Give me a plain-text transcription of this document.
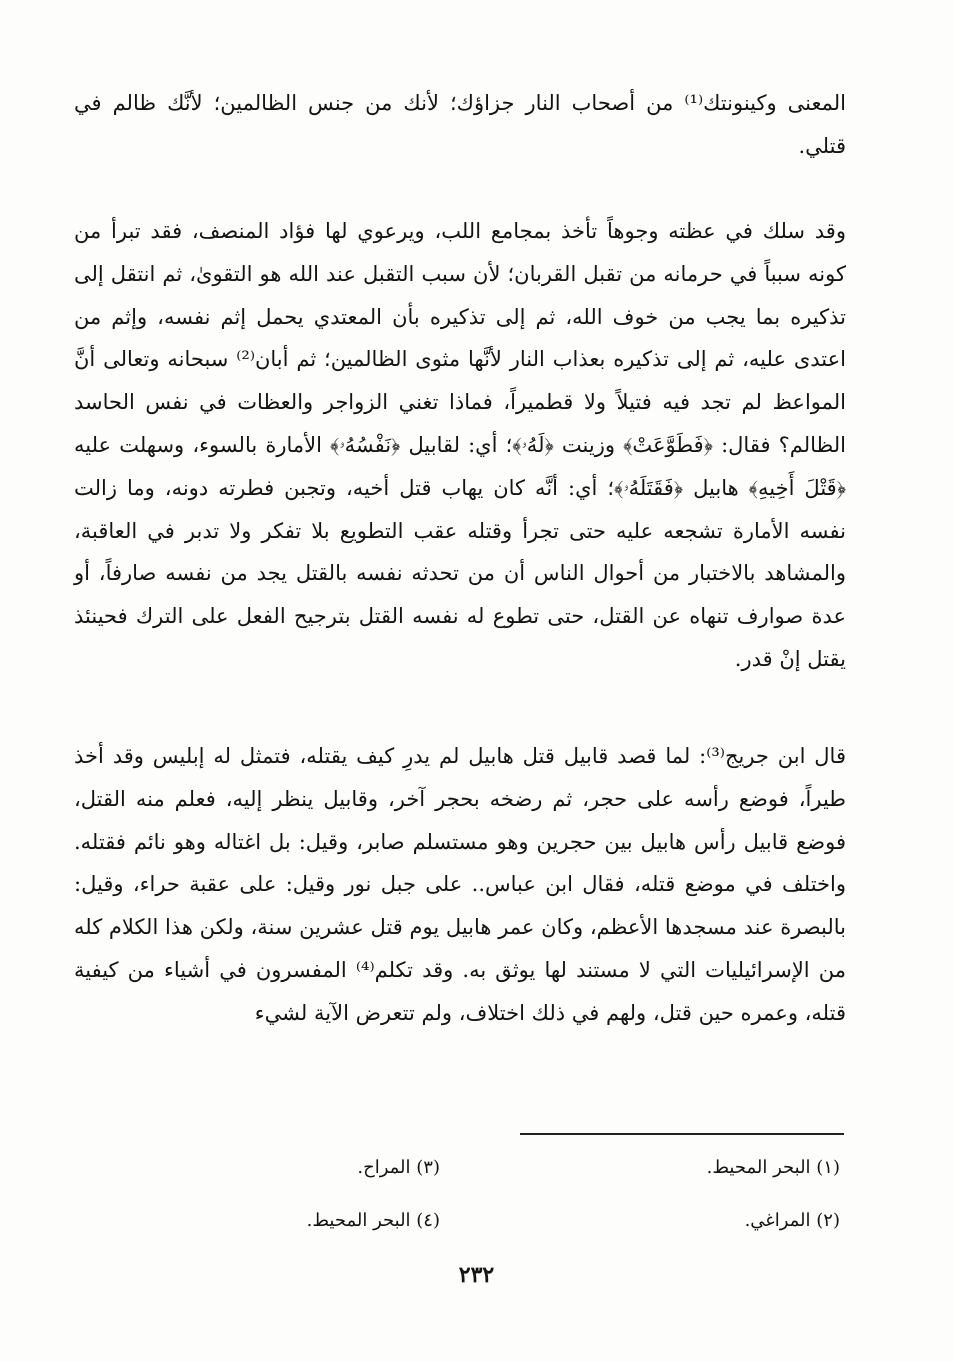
المعنى وكينونتك⁽¹⁾ من أصحاب النار جزاؤك؛ لأنك من جنس الظالمين؛ لأنَّك ظالم في قتلي.

وقد سلك في عظته وجوهاً تأخذ بمجامع اللب، ويرعوي لها فؤاد المنصف، فقد تبرأ من كونه سبباً في حرمانه من تقبل القربان؛ لأن سبب التقبل عند الله هو التقوىٰ، ثم انتقل إلى تذكيره بما يجب من خوف الله، ثم إلى تذكيره بأن المعتدي يحمل إثم نفسه، وإثم من اعتدى عليه، ثم إلى تذكيره بعذاب النار لأنَّها مثوى الظالمين؛ ثم أبان⁽²⁾ سبحانه وتعالى أنَّ المواعظ لم تجد فيه فتيلاً ولا قطميراً، فماذا تغني الزواجر والعظات في نفس الحاسد الظالم؟ فقال: ﴿فَطَوَّعَتْ﴾ وزينت ﴿لَهُۥ﴾؛ أي: لقابيل ﴿نَفْسُهُۥ﴾ الأمارة بالسوء، وسهلت عليه ﴿قَتْلَ أَخِيهِ﴾ هابيل ﴿فَقَتَلَهُۥ﴾؛ أي: أنَّه كان يهاب قتل أخيه، وتجبن فطرته دونه، وما زالت نفسه الأمارة تشجعه عليه حتى تجرأ وقتله عقب التطويع بلا تفكر ولا تدبر في العاقبة، والمشاهد بالاختبار من أحوال الناس أن من تحدثه نفسه بالقتل يجد من نفسه صارفاً، أو عدة صوارف تنهاه عن القتل، حتى تطوع له نفسه القتل بترجيح الفعل على الترك فحينئذ يقتل إنْ قدر.

قال ابن جريج⁽³⁾: لما قصد قابيل قتل هابيل لم يدرِ كيف يقتله، فتمثل له إبليس وقد أخذ طيراً، فوضع رأسه على حجر، ثم رضخه بحجر آخر، وقابيل ينظر إليه، فعلم منه القتل، فوضع قابيل رأس هابيل بين حجرين وهو مستسلم صابر، وقيل: بل اغتاله وهو نائم فقتله. واختلف في موضع قتله، فقال ابن عباس.. على جبل نور وقيل: على عقبة حراء، وقيل: بالبصرة عند مسجدها الأعظم، وكان عمر هابيل يوم قتل عشرين سنة، ولكن هذا الكلام كله من الإسرائيليات التي لا مستند لها يوثق به. وقد تكلم⁽⁴⁾ المفسرون في أشياء من كيفية قتله، وعمره حين قتل، ولهم في ذلك اختلاف، ولم تتعرض الآية لشيء

(١) البحر المحيط.
(٢) المراغي.
(٣) المراح.
(٤) البحر المحيط.
٢٣٢
